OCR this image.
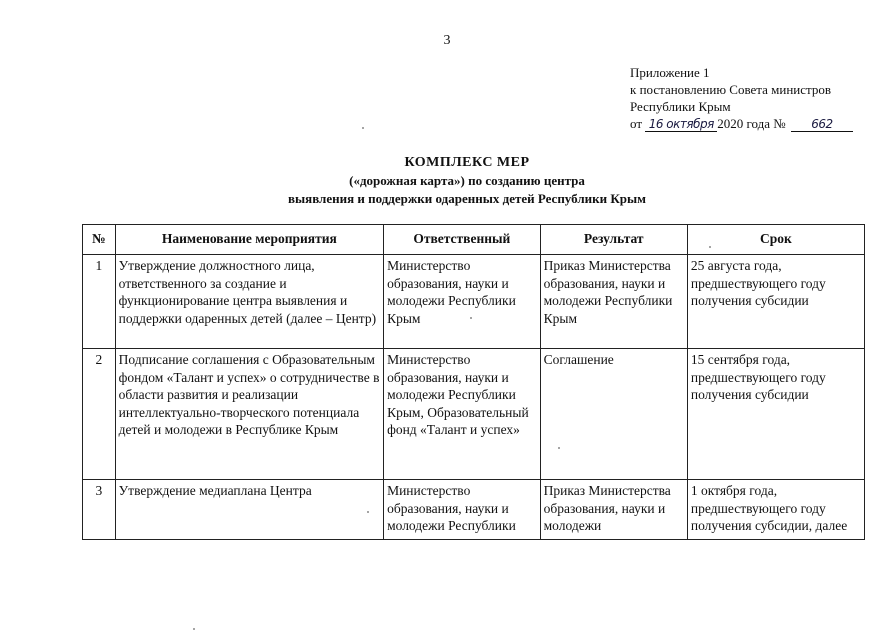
3
Приложение 1
к постановлению Совета министров
Республики Крым
от 16 октября 2020 года № 662
КОМПЛЕКС МЕР
(«дорожная карта») по созданию центра
выявления и поддержки одаренных детей Республики Крым
№	Наименование мероприятия	Ответственный	Результат	Срок
1	Утверждение должностного лица, ответственного за создание и функционирование центра выявления и поддержки одаренных детей (далее – Центр)	Министерство образования, науки и молодежи Республики Крым	Приказ Министерства образования, науки и молодежи Республики Крым	25 августа года, предшествующего году получения субсидии
2	Подписание соглашения с Образовательным фондом «Талант и успех» о сотрудничестве в области развития и реализации интеллектуально-творческого потенциала детей и молодежи в Республике Крым	Министерство образования, науки и молодежи Республики Крым, Образовательный фонд «Талант и успех»	Соглашение	15 сентября года, предшествующего году получения субсидии
3	Утверждение медиаплана Центра	Министерство образования, науки и молодежи Республики	Приказ Министерства образования, науки и молодежи	1 октября года, предшествующего году получения субсидии, далее
